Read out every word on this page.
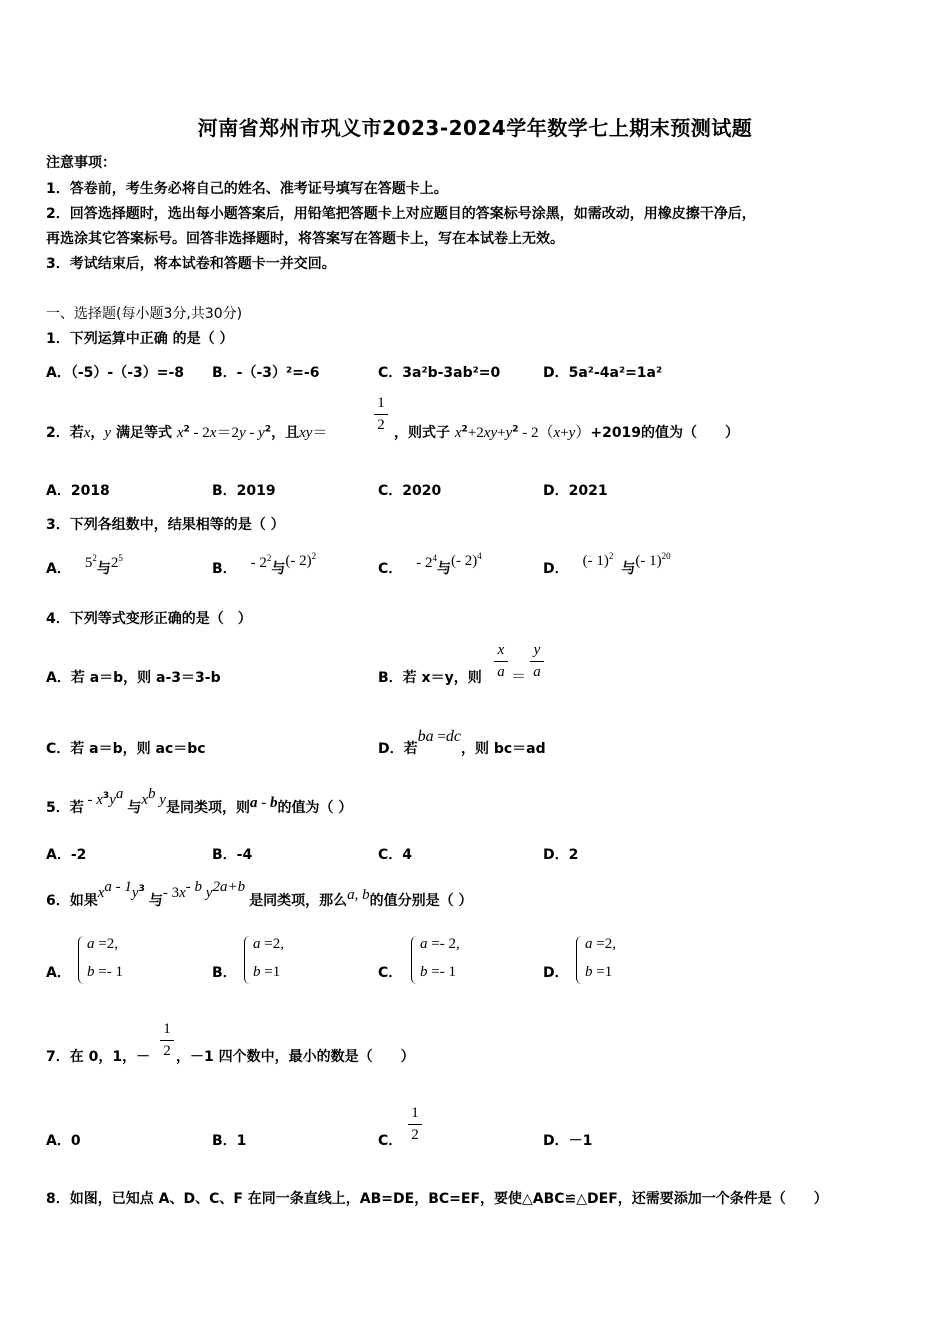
河南省郑州市巩义市2023-2024学年数学七上期末预测试题
注意事项：
1．答卷前，考生务必将自己的姓名、准考证号填写在答题卡上。
2．回答选择题时，选出每小题答案后，用铅笔把答题卡上对应题目的答案标号涂黑，如需改动，用橡皮擦干净后，
再选涂其它答案标号。回答非选择题时，将答案写在答题卡上，写在本试卷上无效。
3．考试结束后，将本试卷和答题卡一并交回。
一、选择题(每小题3分,共30分)
1．下列运算中正确 的是（ ）
A．（-5）-（-3）=-8 B．-（-3）²=-6	C．3a²b-3ab²=0	D．5a²-4a²=1a²
2．若x，y 满足等式 $x^2 - 2x=2y - y^2$，且xy＝
1
2 ，则式子 $x^2+2xy+y^2 - 2(x+y)+2019$的值为（　　）
A．2018	B．2019	C．2020	D．2021
3．下列各组数中，结果相等的是（ ）
A． $5^2$与$2^5$
B． - $2^2$与(- 2)$^2$
C． - $2^4$与(- 2)$^4$
D． (- 1)$^2$与(- 1)$^{20}$
4．下列等式变形正确的是（　）
A．若 a＝b，则 a-3＝3-b	B．若 x＝y，则
x
a ＝
y
a
C．若 a＝b，则 ac＝bc	D．若ba =dc，则 bc＝ad
5．若 - $x^3y^a$与$x^b$ y是同类项，则a - b的值为（ ）
A．-2	B．-4	C．4	D．2
6．如果$x^{a - 1}y^3$与- $3x^{- b}$ $y^{2a+b}$是同类项，那么a, b的值分别是（ ）
A．
a =2,
b =- 1	B．
a =2,
b =1	C．
a =- 2,
b =- 1	D．
a =2,
b =1
7．在 0，1，－
1
2 ，－1 四个数中，最小的数是（　　）
A．0	B．1	C．
1
2	D．－1
8．如图，已知点 A、D、C、F 在同一条直线上，AB=DE，BC=EF，要使△ABC≌△DEF，还需要添加一个条件是（　　）
